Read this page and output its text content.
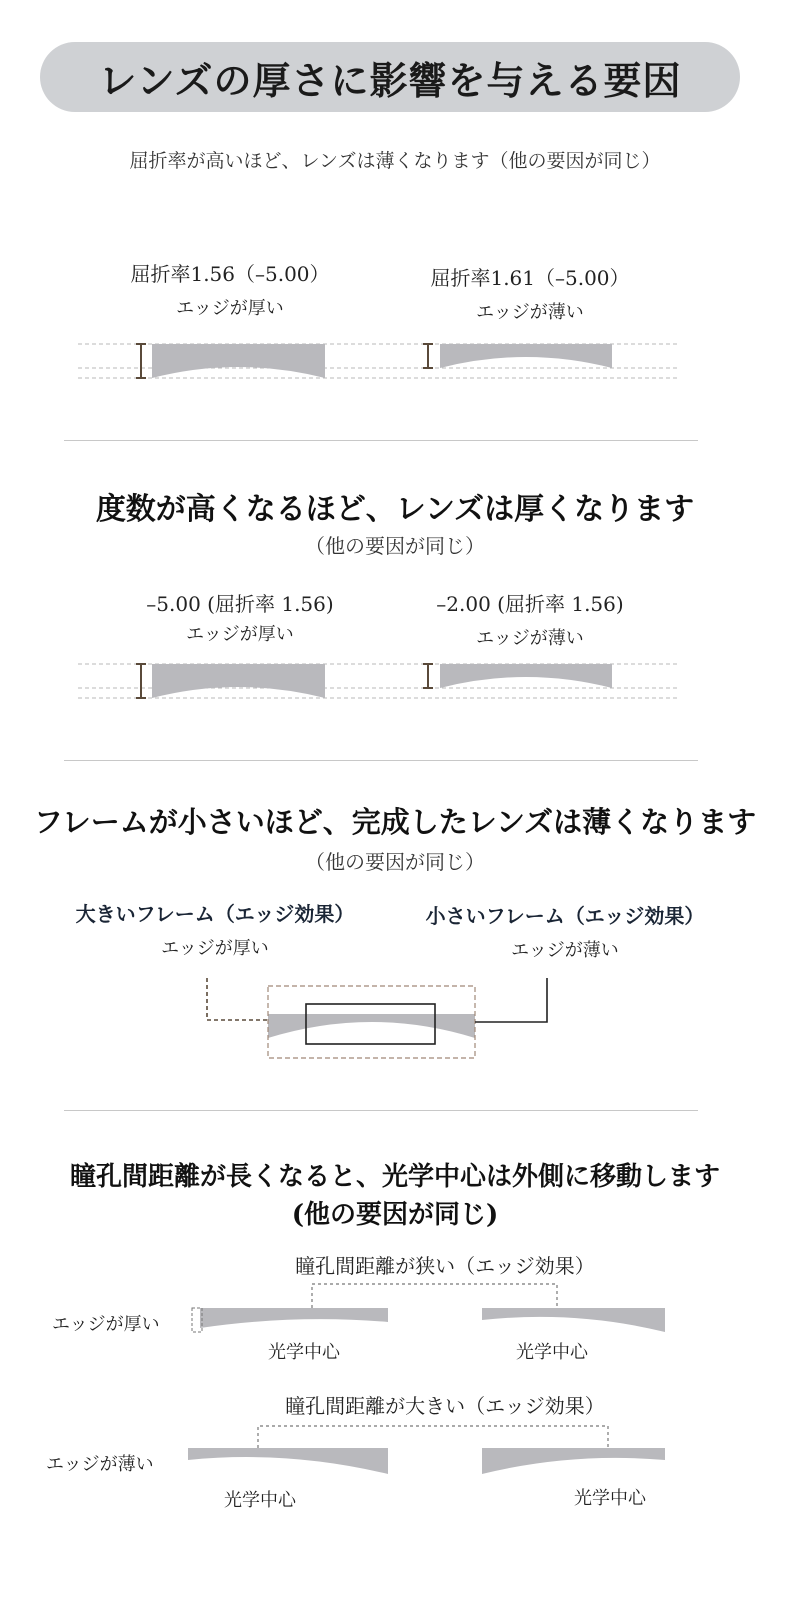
レンズの厚さに影響を与える要因
屈折率が高いほど、レンズは薄くなります（他の要因が同じ）
屈折率1.56（–5.00）
エッジが厚い
屈折率1.61（–5.00）
エッジが薄い
度数が高くなるほど、レンズは厚くなります
（他の要因が同じ）
–5.00 (屈折率 1.56)
エッジが厚い
–2.00 (屈折率 1.56)
エッジが薄い
フレームが小さいほど、完成したレンズは薄くなります
（他の要因が同じ）
大きいフレーム（エッジ効果）
エッジが厚い
小さいフレーム（エッジ効果）
エッジが薄い
瞳孔間距離が長くなると、光学中心は外側に移動します
(他の要因が同じ)
瞳孔間距離が狭い（エッジ効果）
エッジが厚い
光学中心	光学中心
瞳孔間距離が大きい（エッジ効果）
エッジが薄い
光学中心	光学中心
